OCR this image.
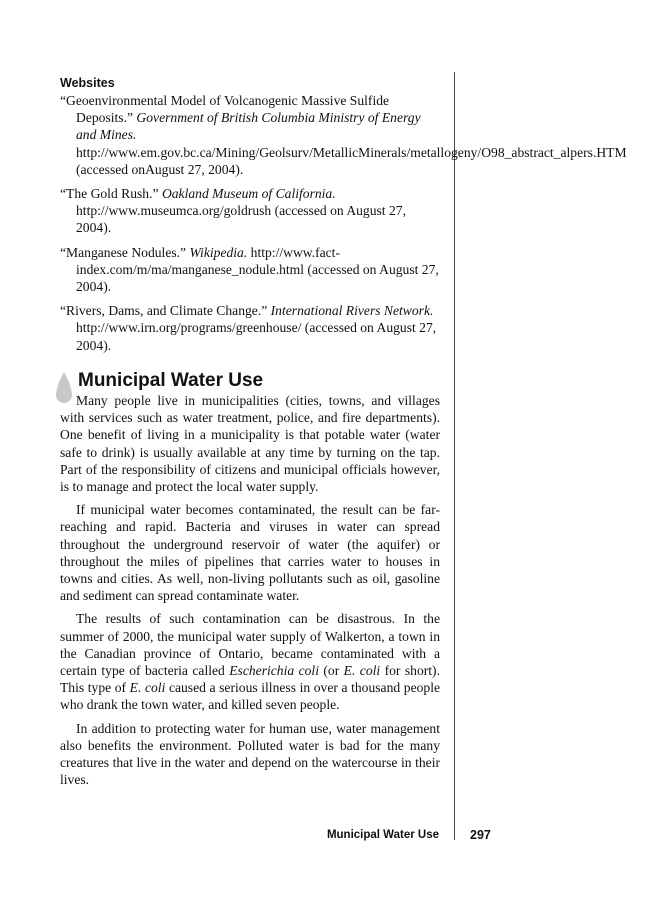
Websites

“Geoenvironmental Model of Volcanogenic Massive Sulfide Deposits.” Government of British Columbia Ministry of Energy and Mines. http://www.em.gov.bc.ca/Mining/Geolsurv/MetallicMinerals/metallogeny/O98_abstract_alpers.HTM (accessed onAugust 27, 2004).

“The Gold Rush.” Oakland Museum of California. http://www.museumca.org/goldrush (accessed on August 27, 2004).

“Manganese Nodules.” Wikipedia. http://www.fact-index.com/m/ma/manganese_nodule.html (accessed on August 27, 2004).

“Rivers, Dams, and Climate Change.” International Rivers Network. http://www.irn.org/programs/greenhouse/ (accessed on August 27, 2004).

Municipal Water Use

Many people live in municipalities (cities, towns, and villages with services such as water treatment, police, and fire departments). One benefit of living in a municipality is that potable water (water safe to drink) is usually available at any time by turning on the tap. Part of the responsibility of citizens and municipal officials however, is to manage and protect the local water supply.

If municipal water becomes contaminated, the result can be far-reaching and rapid. Bacteria and viruses in water can spread throughout the underground reservoir of water (the aquifer) or throughout the miles of pipelines that carries water to houses in towns and cities. As well, non-living pollutants such as oil, gasoline and sediment can spread contaminate water.

The results of such contamination can be disastrous. In the summer of 2000, the municipal water supply of Walkerton, a town in the Canadian province of Ontario, became contaminated with a certain type of bacteria called Escherichia coli (or E. coli for short). This type of E. coli caused a serious illness in over a thousand people who drank the town water, and killed seven people.

In addition to protecting water for human use, water management also benefits the environment. Polluted water is bad for the many creatures that live in the water and depend on the watercourse in their lives.

Municipal Water Use 297
